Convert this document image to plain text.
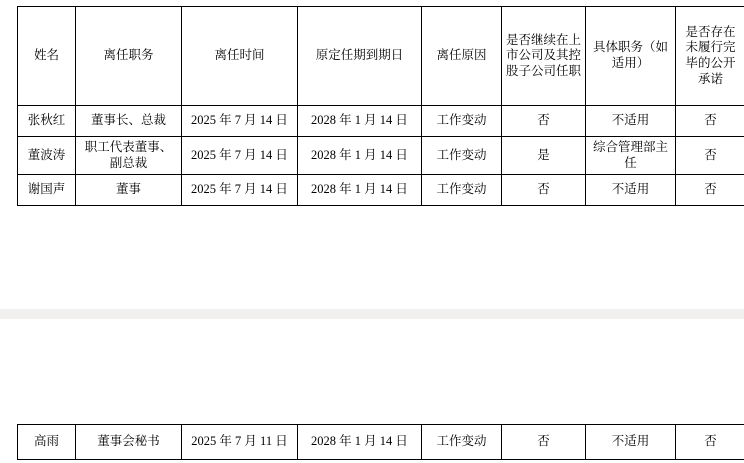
姓名	离任职务	离任时间	原定任期到期日	离任原因	是否继续在上市公司及其控股子公司任职	具体职务（如适用）	是否存在未履行完毕的公开承诺
张秋红	董事长、总裁	2025 年 7 月 14 日	2028 年 1 月 14 日	工作变动	否	不适用	否
董波涛	职工代表董事、副总裁	2025 年 7 月 14 日	2028 年 1 月 14 日	工作变动	是	综合管理部主任	否
谢国声	董事	2025 年 7 月 14 日	2028 年 1 月 14 日	工作变动	否	不适用	否
高雨	董事会秘书	2025 年 7 月 11 日	2028 年 1 月 14 日	工作变动	否	不适用	否
